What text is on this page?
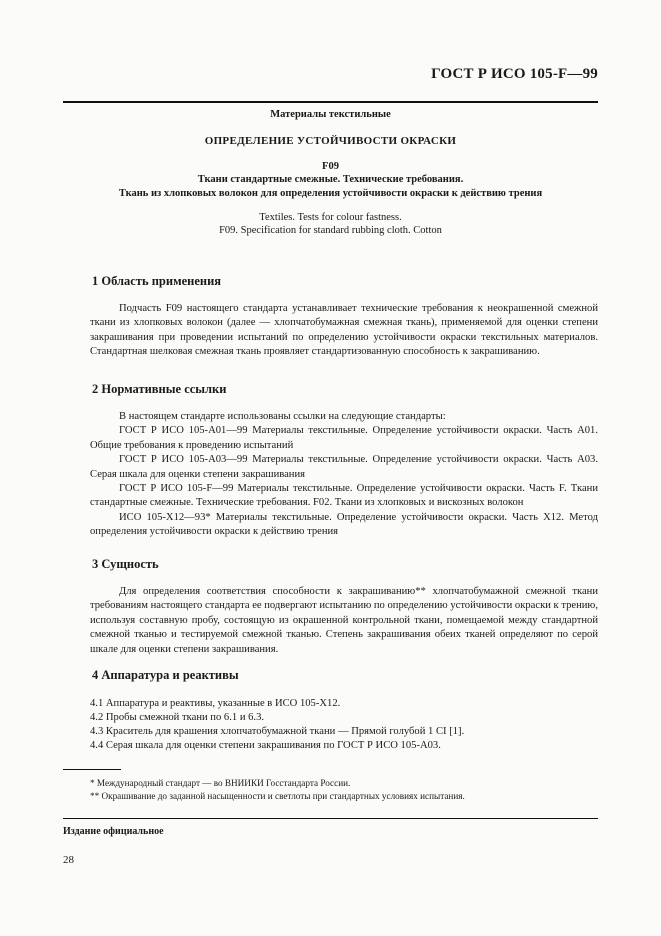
ГОСТ Р ИСО 105-F—99
Материалы текстильные
ОПРЕДЕЛЕНИЕ УСТОЙЧИВОСТИ ОКРАСКИ
F09
Ткани стандартные смежные. Технические требования.
Ткань из хлопковых волокон для определения устойчивости окраски к действию трения
Textiles. Tests for colour fastness.
F09. Specification for standard rubbing cloth. Cotton
1 Область применения
Подчасть F09 настоящего стандарта устанавливает технические требования к неокрашенной смежной ткани из хлопковых волокон (далее — хлопчатобумажная смежная ткань), применяемой для оценки степени закрашивания при проведении испытаний по определению устойчивости окраски текстильных материалов. Стандартная шелковая смежная ткань проявляет стандартизованную способность к закрашиванию.
2 Нормативные ссылки
В настоящем стандарте использованы ссылки на следующие стандарты:
ГОСТ Р ИСО 105-А01—99 Материалы текстильные. Определение устойчивости окраски. Часть А01. Общие требования к проведению испытаний
ГОСТ Р ИСО 105-А03—99 Материалы текстильные. Определение устойчивости окраски. Часть А03. Серая шкала для оценки степени закрашивания
ГОСТ Р ИСО 105-F—99 Материалы текстильные. Определение устойчивости окраски. Часть F. Ткани стандартные смежные. Технические требования. F02. Ткани из хлопковых и вискозных волокон
ИСО 105-Х12—93* Материалы текстильные. Определение устойчивости окраски. Часть Х12. Метод определения устойчивости окраски к действию трения
3 Сущность
Для определения соответствия способности к закрашиванию** хлопчатобумажной смежной ткани требованиям настоящего стандарта ее подвергают испытанию по определению устойчивости окраски к трению, используя составную пробу, состоящую из окрашенной контрольной ткани, помещаемой между стандартной смежной тканью и тестируемой смежной тканью. Степень закрашивания обеих тканей определяют по серой шкале для оценки степени закрашивания.
4 Аппаратура и реактивы
4.1 Аппаратура и реактивы, указанные в ИСО 105-Х12.
4.2 Пробы смежной ткани по 6.1 и 6.3.
4.3 Краситель для крашения хлопчатобумажной ткани — Прямой голубой 1 CI [1].
4.4 Серая шкала для оценки степени закрашивания по ГОСТ Р ИСО 105-А03.
* Международный стандарт — во ВНИИКИ Госстандарта России.
** Окрашивание до заданной насыщенности и светлоты при стандартных условиях испытания.
Издание официальное
28
